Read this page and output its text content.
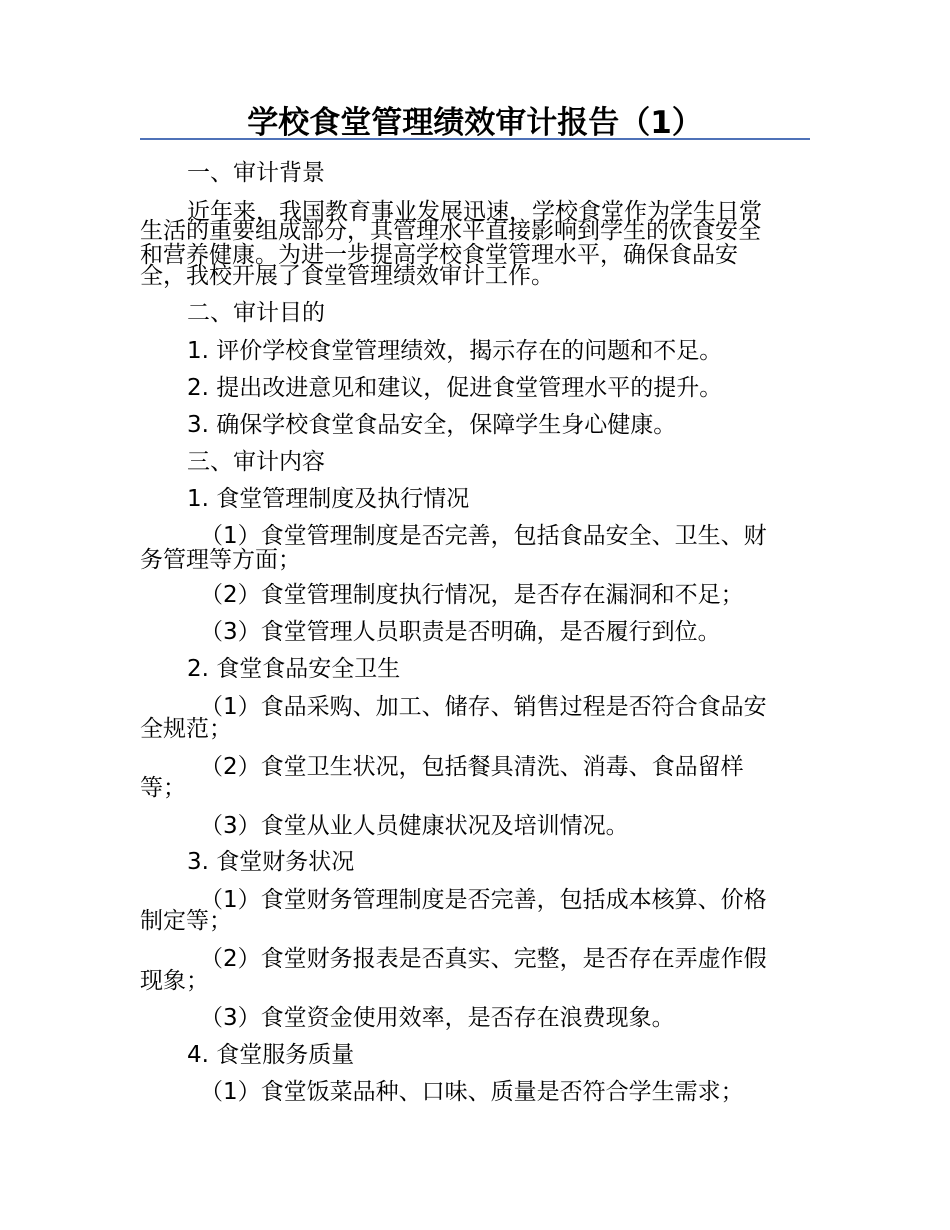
学校食堂管理绩效审计报告（1）
一、审计背景
近年来，我国教育事业发展迅速，学校食堂作为学生日常
生活的重要组成部分，其管理水平直接影响到学生的饮食安全
和营养健康。为进一步提高学校食堂管理水平，确保食品安
全，我校开展了食堂管理绩效审计工作。
二、审计目的
1. 评价学校食堂管理绩效，揭示存在的问题和不足。
2. 提出改进意见和建议，促进食堂管理水平的提升。
3. 确保学校食堂食品安全，保障学生身心健康。
三、审计内容
1. 食堂管理制度及执行情况
（1）食堂管理制度是否完善，包括食品安全、卫生、财
务管理等方面；
（2）食堂管理制度执行情况，是否存在漏洞和不足；
（3）食堂管理人员职责是否明确，是否履行到位。
2. 食堂食品安全卫生
（1）食品采购、加工、储存、销售过程是否符合食品安
全规范；
（2）食堂卫生状况，包括餐具清洗、消毒、食品留样
等；
（3）食堂从业人员健康状况及培训情况。
3. 食堂财务状况
（1）食堂财务管理制度是否完善，包括成本核算、价格
制定等；
（2）食堂财务报表是否真实、完整，是否存在弄虚作假
现象；
（3）食堂资金使用效率，是否存在浪费现象。
4. 食堂服务质量
（1）食堂饭菜品种、口味、质量是否符合学生需求；
